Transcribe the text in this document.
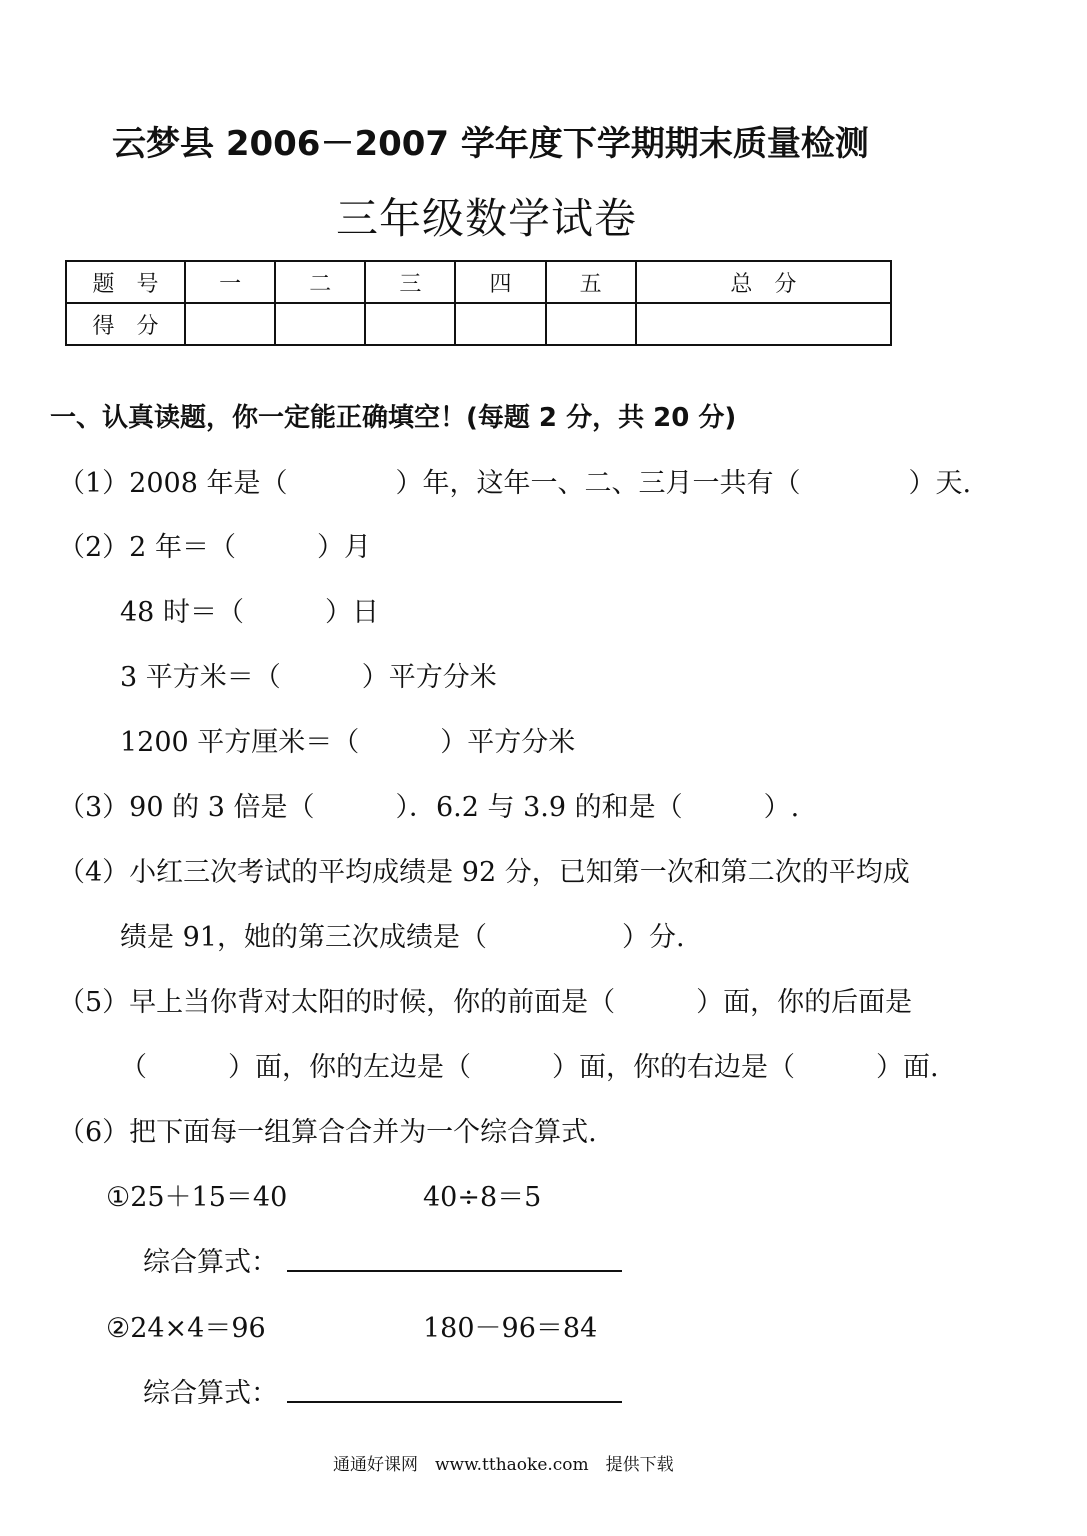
云梦县 2006－2007 学年度下学期期末质量检测
三年级数学试卷
题　号	一	二	三	四	五	总　分
得　分						
一、认真读题，你一定能正确填空！(每题 2 分，共 20 分)
（1）2008 年是（　　　　）年，这年一、二、三月一共有（　　　　）天.
（2）2 年＝（　　　）月
48 时＝（　　　）日
3 平方米＝（　　　）平方分米
1200 平方厘米＝（　　　）平方分米
（3）90 的 3 倍是（　　　）．6.2 与 3.9 的和是（　　　）.
（4）小红三次考试的平均成绩是 92 分，已知第一次和第二次的平均成
绩是 91，她的第三次成绩是（　　　　　）分.
（5）早上当你背对太阳的时候，你的前面是（　　　）面，你的后面是
（　　　）面，你的左边是（　　　）面，你的右边是（　　　）面.
（6）把下面每一组算合合并为一个综合算式.
①25＋15＝40	40÷8＝5
综合算式：
②24×4＝96	180－96＝84
综合算式：
通通好课网　www.tthaoke.com　提供下载
